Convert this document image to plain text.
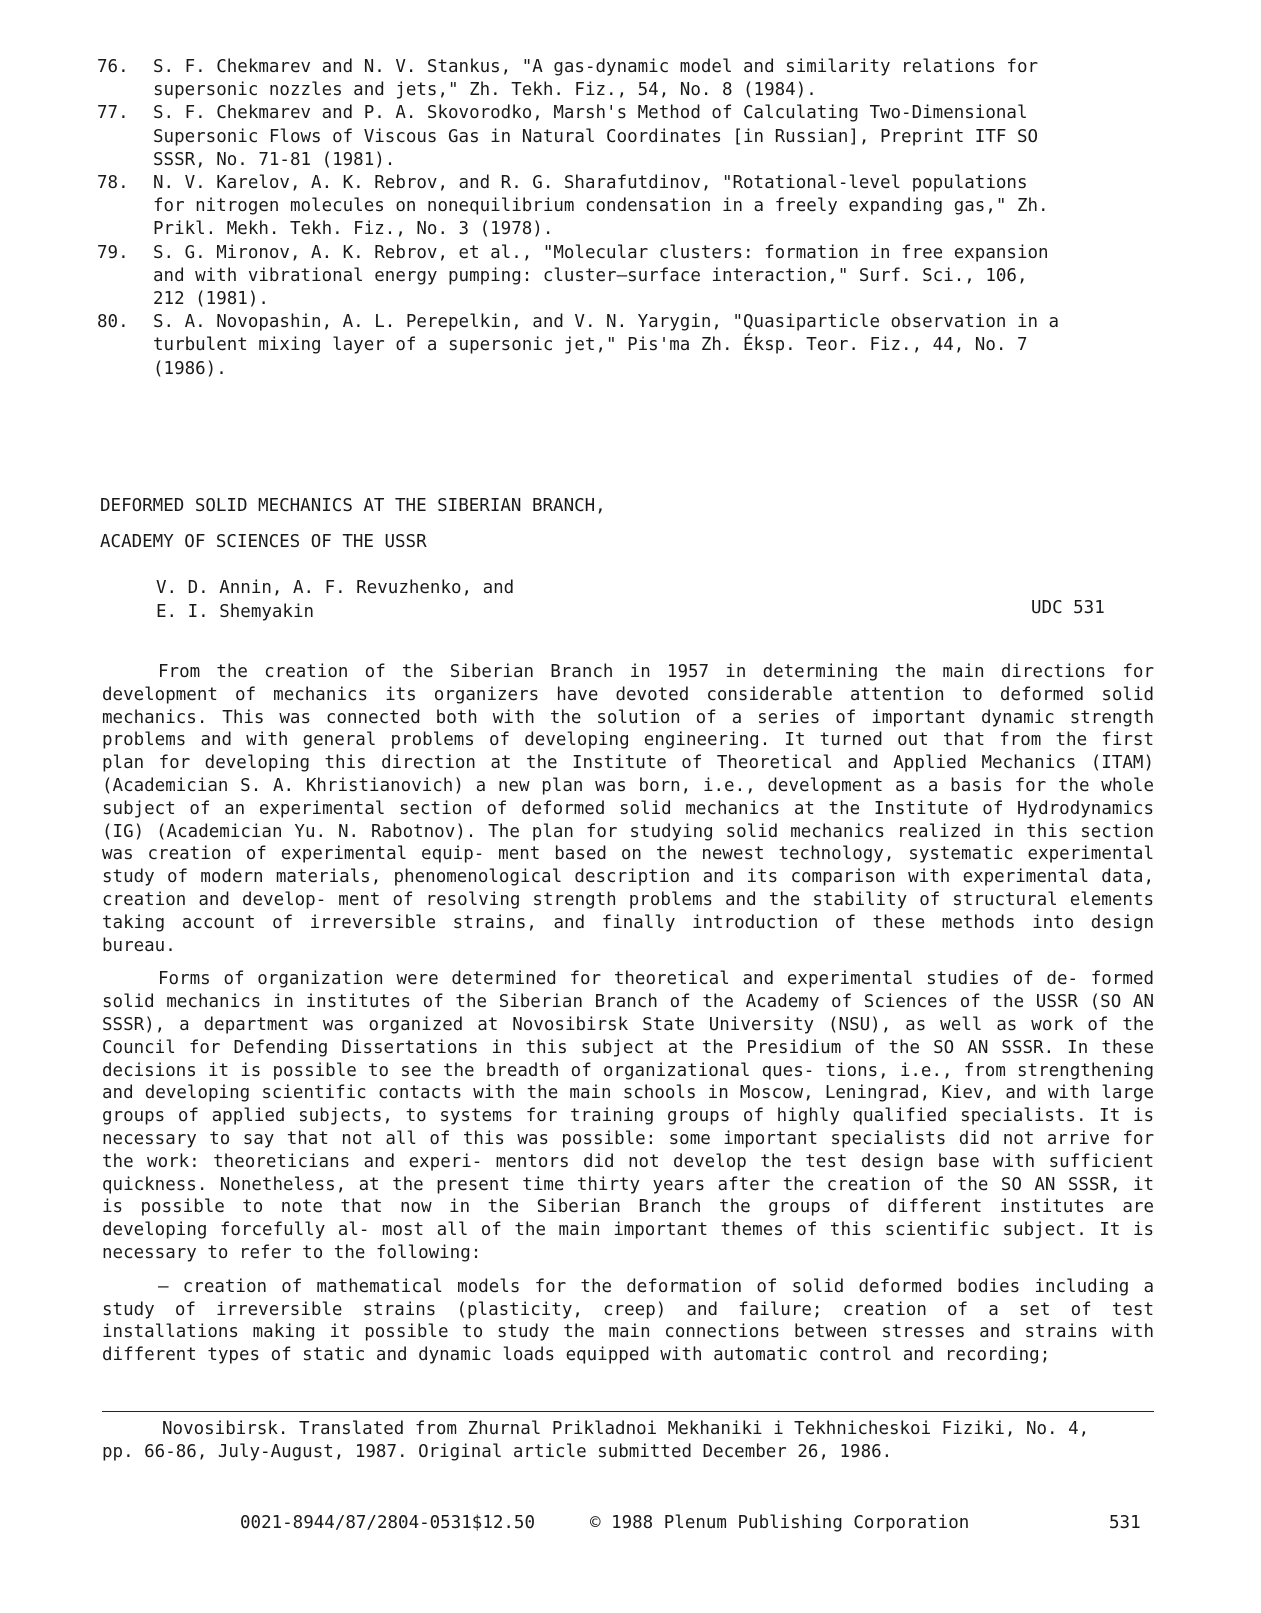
76.	S. F. Chekmarev and N. V. Stankus, "A gas-dynamic model and similarity relations for
supersonic nozzles and jets," Zh. Tekh. Fiz., 54, No. 8 (1984).
77.	S. F. Chekmarev and P. A. Skovorodko, Marsh's Method of Calculating Two-Dimensional
Supersonic Flows of Viscous Gas in Natural Coordinates [in Russian], Preprint ITF SO
SSSR, No. 71-81 (1981).
78.	N. V. Karelov, A. K. Rebrov, and R. G. Sharafutdinov, "Rotational-level populations
for nitrogen molecules on nonequilibrium condensation in a freely expanding gas," Zh.
Prikl. Mekh. Tekh. Fiz., No. 3 (1978).
79.	S. G. Mironov, A. K. Rebrov, et al., "Molecular clusters: formation in free expansion
and with vibrational energy pumping: cluster—surface interaction," Surf. Sci., 106,
212 (1981).
80.	S. A. Novopashin, A. L. Perepelkin, and V. N. Yarygin, "Quasiparticle observation in a
turbulent mixing layer of a supersonic jet," Pis'ma Zh. Éksp. Teor. Fiz., 44, No. 7
(1986).
DEFORMED SOLID MECHANICS AT THE SIBERIAN BRANCH,
ACADEMY OF SCIENCES OF THE USSR
V. D. Annin, A. F. Revuzhenko, and
E. I. Shemyakin	UDC 531

From the creation of the Siberian Branch in 1957 in determining the main directions for development of mechanics its organizers have devoted considerable attention to deformed solid mechanics. This was connected both with the solution of a series of important dynamic strength problems and with general problems of developing engineering. It turned out that from the first plan for developing this direction at the Institute of Theoretical and Applied Mechanics (ITAM) (Academician S. A. Khristianovich) a new plan was born, i.e., development as a basis for the whole subject of an experimental section of deformed solid mechanics at the Institute of Hydrodynamics (IG) (Academician Yu. N. Rabotnov). The plan for studying solid mechanics realized in this section was creation of experimental equip- ment based on the newest technology, systematic experimental study of modern materials, phenomenological description and its comparison with experimental data, creation and develop- ment of resolving strength problems and the stability of structural elements taking account of irreversible strains, and finally introduction of these methods into design bureau.

Forms of organization were determined for theoretical and experimental studies of de- formed solid mechanics in institutes of the Siberian Branch of the Academy of Sciences of the USSR (SO AN SSSR), a department was organized at Novosibirsk State University (NSU), as well as work of the Council for Defending Dissertations in this subject at the Presidium of the SO AN SSSR. In these decisions it is possible to see the breadth of organizational ques- tions, i.e., from strengthening and developing scientific contacts with the main schools in Moscow, Leningrad, Kiev, and with large groups of applied subjects, to systems for training groups of highly qualified specialists. It is necessary to say that not all of this was possible: some important specialists did not arrive for the work: theoreticians and experi- mentors did not develop the test design base with sufficient quickness. Nonetheless, at the present time thirty years after the creation of the SO AN SSSR, it is possible to note that now in the Siberian Branch the groups of different institutes are developing forcefully al- most all of the main important themes of this scientific subject. It is necessary to refer to the following:

– creation of mathematical models for the deformation of solid deformed bodies including a study of irreversible strains (plasticity, creep) and failure; creation of a set of test installations making it possible to study the main connections between stresses and strains with different types of static and dynamic loads equipped with automatic control and recording;

Novosibirsk. Translated from Zhurnal Prikladnoi Mekhaniki i Tekhnicheskoi Fiziki, No. 4,
pp. 66-86, July-August, 1987. Original article submitted December 26, 1986.
0021-8944/87/2804-0531$12.50	© 1988 Plenum Publishing Corporation	531
